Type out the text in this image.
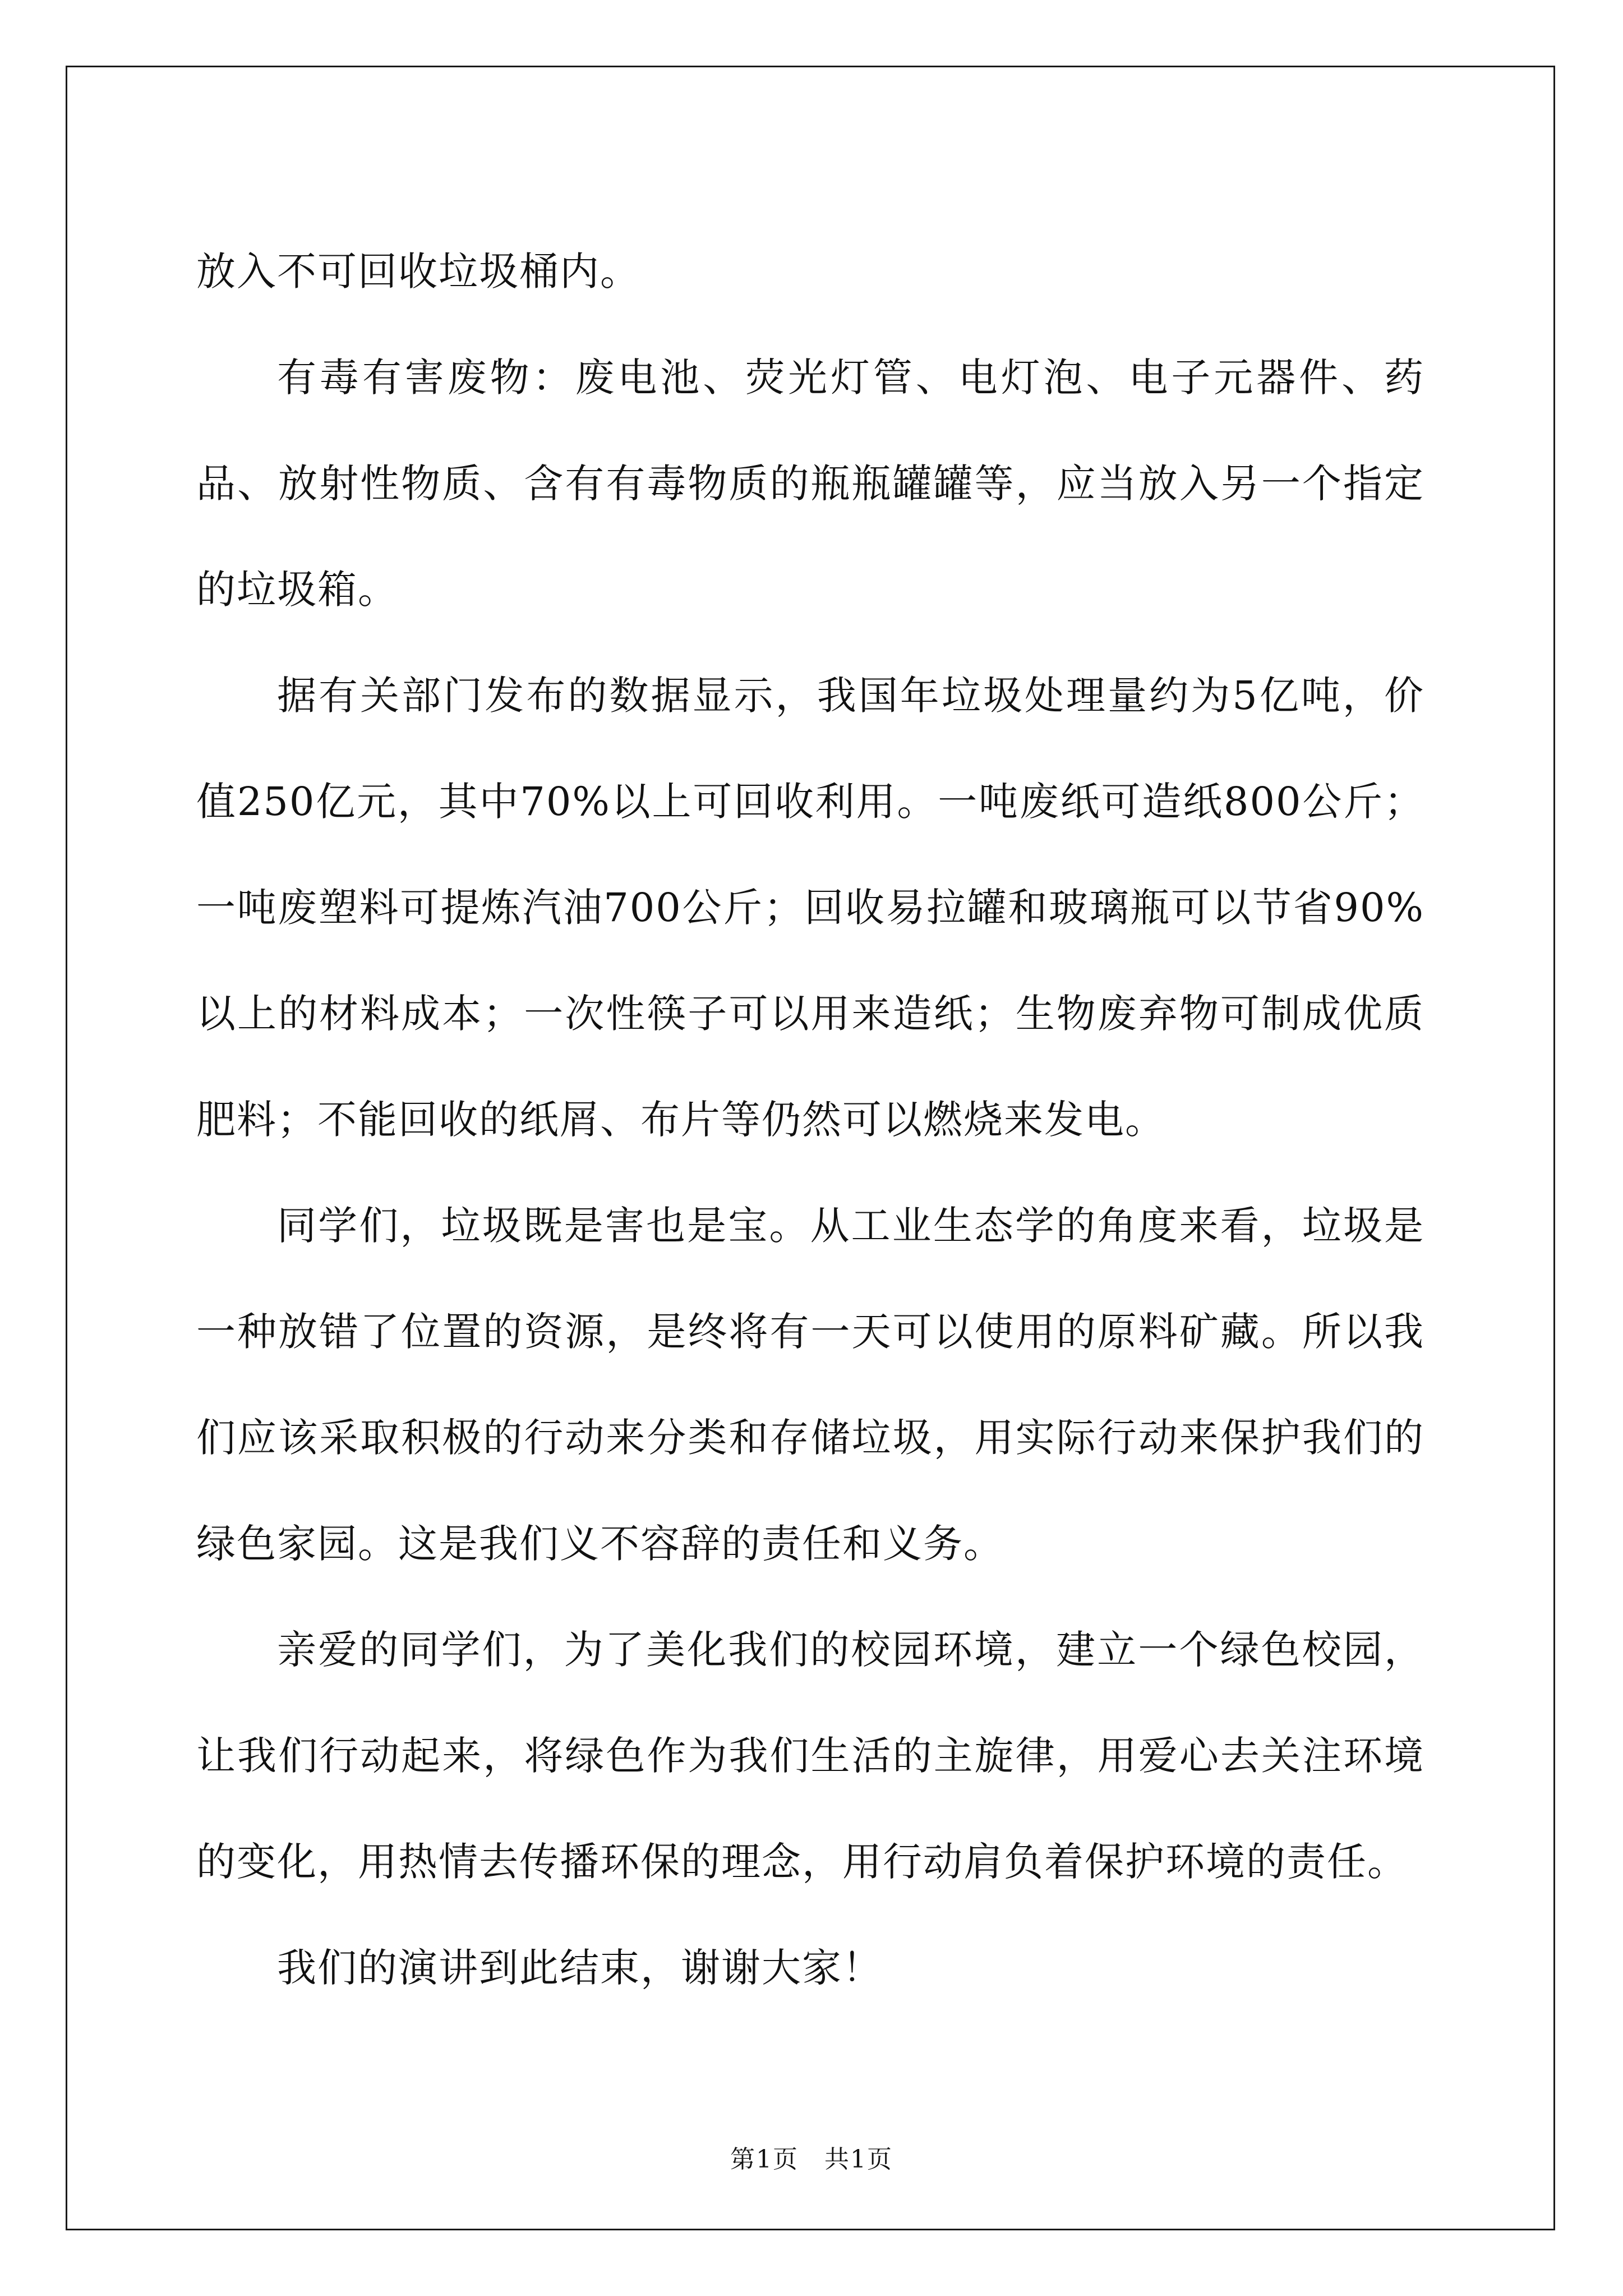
放入不可回收垃圾桶内。

有毒有害废物：废电池、荧光灯管、电灯泡、电子元器件、药品、放射性物质、含有有毒物质的瓶瓶罐罐等，应当放入另一个指定的垃圾箱。

据有关部门发布的数据显示，我国年垃圾处理量约为5亿吨，价值250亿元，其中70%以上可回收利用。一吨废纸可造纸800公斤；一吨废塑料可提炼汽油700公斤；回收易拉罐和玻璃瓶可以节省90%以上的材料成本；一次性筷子可以用来造纸；生物废弃物可制成优质肥料；不能回收的纸屑、布片等仍然可以燃烧来发电。

同学们，垃圾既是害也是宝。从工业生态学的角度来看，垃圾是一种放错了位置的资源，是终将有一天可以使用的原料矿藏。所以我们应该采取积极的行动来分类和存储垃圾，用实际行动来保护我们的绿色家园。这是我们义不容辞的责任和义务。

亲爱的同学们，为了美化我们的校园环境，建立一个绿色校园，让我们行动起来，将绿色作为我们生活的主旋律，用爱心去关注环境的变化，用热情去传播环保的理念，用行动肩负着保护环境的责任。

我们的演讲到此结束，谢谢大家！

第1页　共1页
